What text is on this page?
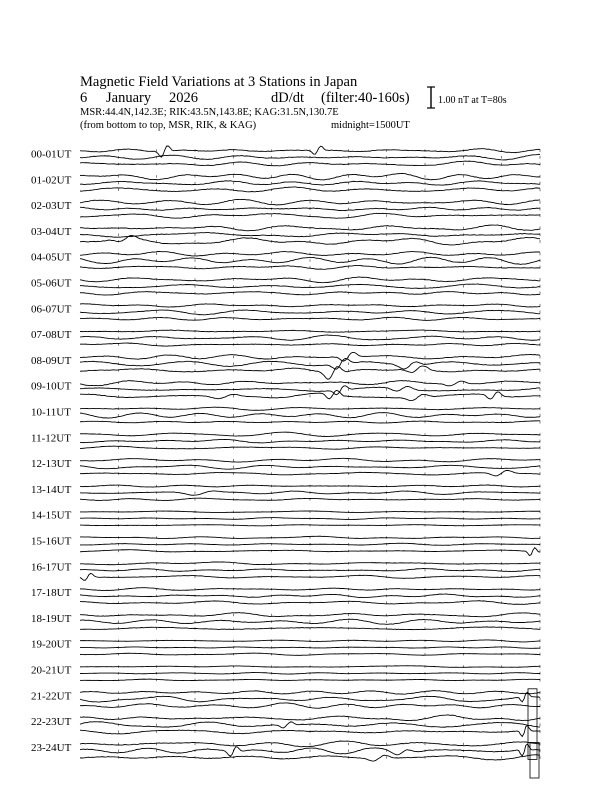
Magnetic Field Variations at 3 Stations in Japan
6 January 2026	dD/dt (filter:40-160s)
MSR:44.4N,142.3E; RIK:43.5N,143.8E; KAG:31.5N,130.7E
(from bottom to top, MSR, RIK, & KAG)	midnight=1500UT
1.00 nT at T=80s
00-01UT
01-02UT
02-03UT
03-04UT
04-05UT
05-06UT
06-07UT
07-08UT
08-09UT
09-10UT
10-11UT
11-12UT
12-13UT
13-14UT
14-15UT
15-16UT
16-17UT
17-18UT
18-19UT
19-20UT
20-21UT
21-22UT
22-23UT
23-24UT
